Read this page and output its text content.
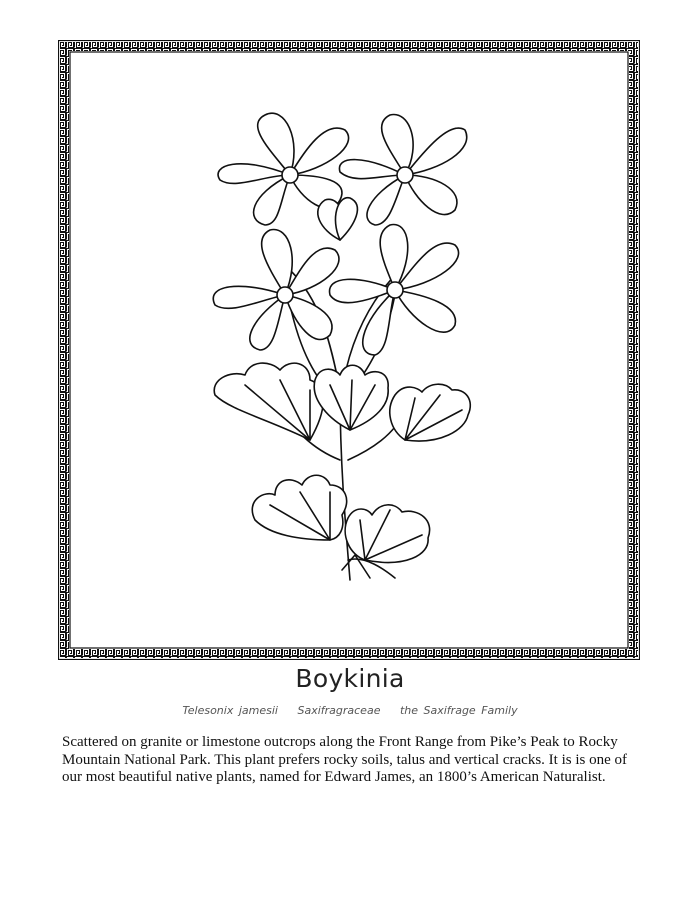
Boykinia
Telesonix jamesii Saxifragraceae the Saxifrage Family
Scattered on granite or limestone outcrops along the Front Range from Pike’s Peak to Rocky Mountain National Park. This plant prefers rocky soils, talus and vertical cracks. It is is one of our most beautiful native plants, named for Edward James, an 1800’s American Naturalist.
